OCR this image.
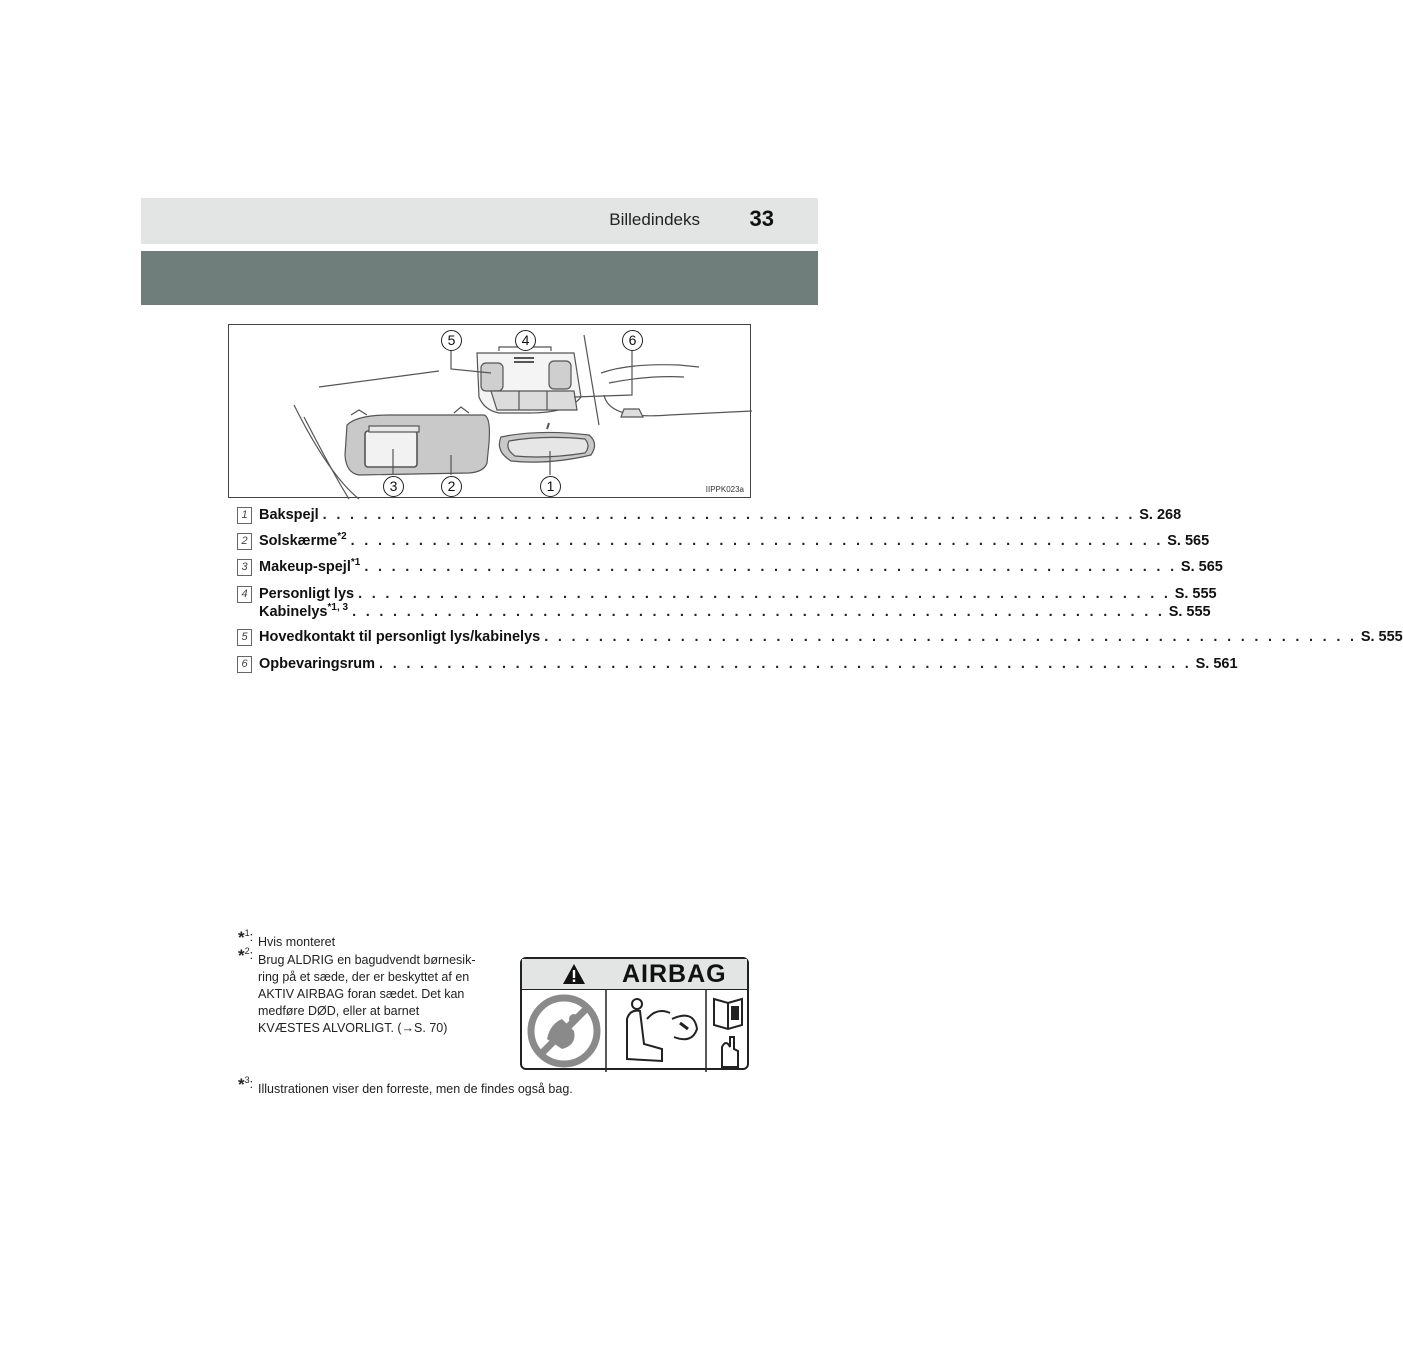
Billedindeks 33
5	4	6
3	2	1	IIPPK023a
1 Bakspejl . . . . . . . . . . . . . . . . . . . . . . . . . . . . . . . . . . . . . . . . . . . . . . . . . . . . . . . . . . . . S. 268
2 Solskærme$^{*2}$ . . . . . . . . . . . . . . . . . . . . . . . . . . . . . . . . . . . . . . . . . . . . . . . . . . . . . . . . . . . . S. 565
3 Makeup-spejl$^{*1}$ . . . . . . . . . . . . . . . . . . . . . . . . . . . . . . . . . . . . . . . . . . . . . . . . . . . . . . . . . . . . S. 565
4 Personligt lys . . . . . . . . . . . . . . . . . . . . . . . . . . . . . . . . . . . . . . . . . . . . . . . . . . . . . . . . . . . . S. 555
Kabinelys$^{*1, 3}$ . . . . . . . . . . . . . . . . . . . . . . . . . . . . . . . . . . . . . . . . . . . . . . . . . . . . . . . . . . . . S. 555
5 Hovedkontakt til personligt lys/kabinelys . . . . . . . . . . . . . . . . . . . . . . . . . . . . . . . . . . . . . . . . . . . . . . . . . . . . . . . . . . . . S. 555
6 Opbevaringsrum . . . . . . . . . . . . . . . . . . . . . . . . . . . . . . . . . . . . . . . . . . . . . . . . . . . . . . . . . . . . S. 561
*$^1$: Hvis monteret
*$^2$: Brug ALDRIG en bagudvendt børnesik-
ring på et sæde, der er beskyttet af en
AKTIV AIRBAG foran sædet. Det kan
medføre DØD, eller at barnet
KVÆSTES ALVORLIGT. (→S. 70)
*$^3$: Illustrationen viser den forreste, men de findes også bag.
AIRBAG
